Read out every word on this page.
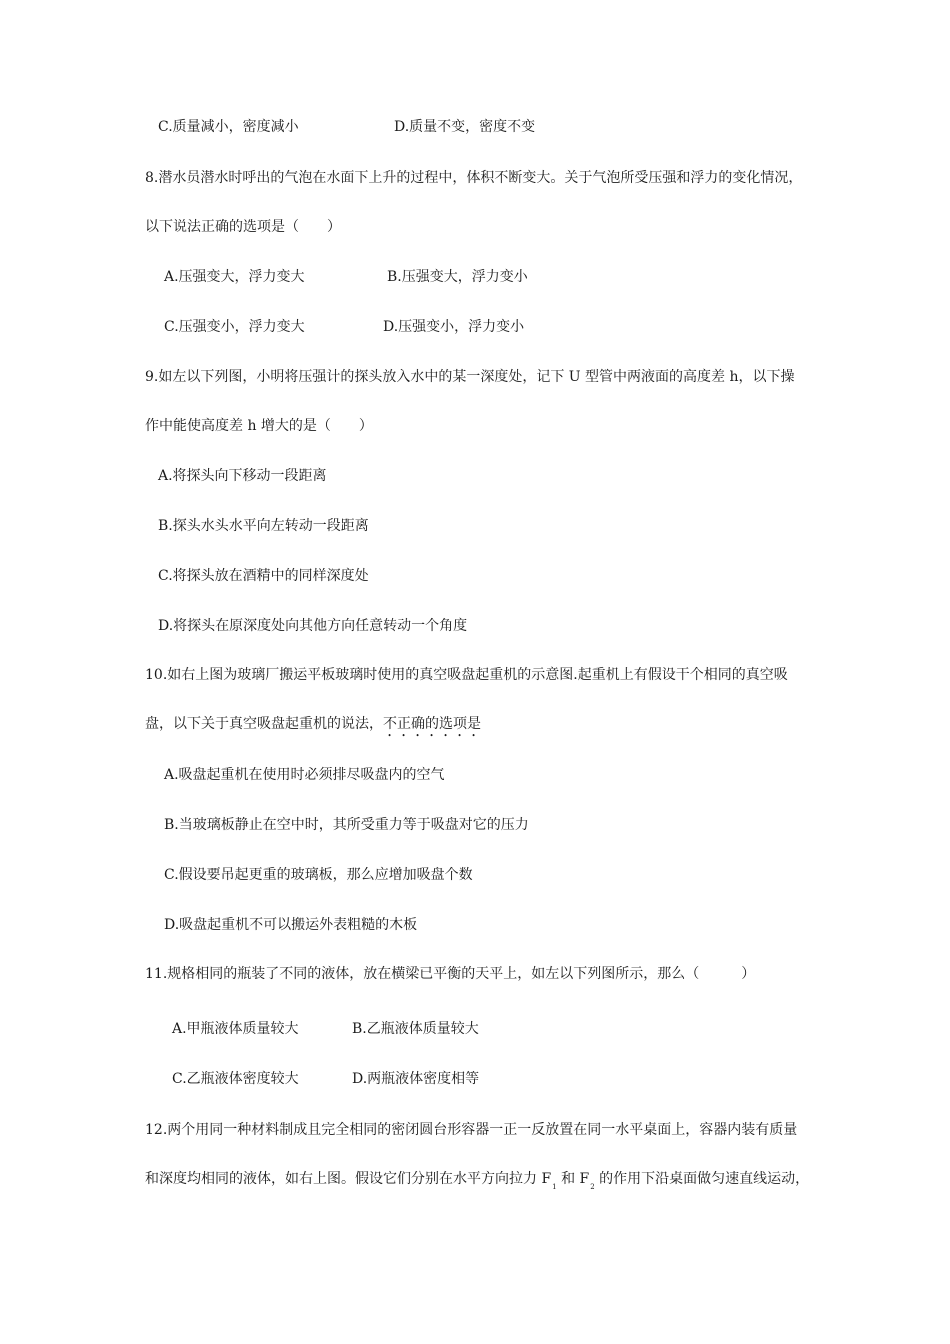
C.质量减小，密度减小	D.质量不变，密度不变
8.潜水员潜水时呼出的气泡在水面下上升的过程中，体积不断变大。关于气泡所受压强和浮力的变化情况，
以下说法正确的选项是（　　）
A.压强变大，浮力变大	B.压强变大，浮力变小
C.压强变小，浮力变大	D.压强变小，浮力变小
9.如左以下列图，小明将压强计的探头放入水中的某一深度处，记下 U 型管中两液面的高度差 h，以下操
作中能使高度差 h 增大的是（　　）
A.将探头向下移动一段距离
B.探头水头水平向左转动一段距离
C.将探头放在酒精中的同样深度处
D.将探头在原深度处向其他方向任意转动一个角度
10.如右上图为玻璃厂搬运平板玻璃时使用的真空吸盘起重机的示意图.起重机上有假设干个相同的真空吸
盘，以下关于真空吸盘起重机的说法，不正确的选项是
A.吸盘起重机在使用时必须排尽吸盘内的空气
B.当玻璃板静止在空中时，其所受重力等于吸盘对它的压力
C.假设要吊起更重的玻璃板，那么应增加吸盘个数
D.吸盘起重机不可以搬运外表粗糙的木板
11.规格相同的瓶装了不同的液体，放在横梁已平衡的天平上，如左以下列图所示，那么（　　　）
A.甲瓶液体质量较大	B.乙瓶液体质量较大
C.乙瓶液体密度较大	D.两瓶液体密度相等
12.两个用同一种材料制成且完全相同的密闭圆台形容器一正一反放置在同一水平桌面上，容器内装有质量
和深度均相同的液体，如右上图。假设它们分别在水平方向拉力 $F_1$ 和 $F_2$ 的作用下沿桌面做匀速直线运动，
